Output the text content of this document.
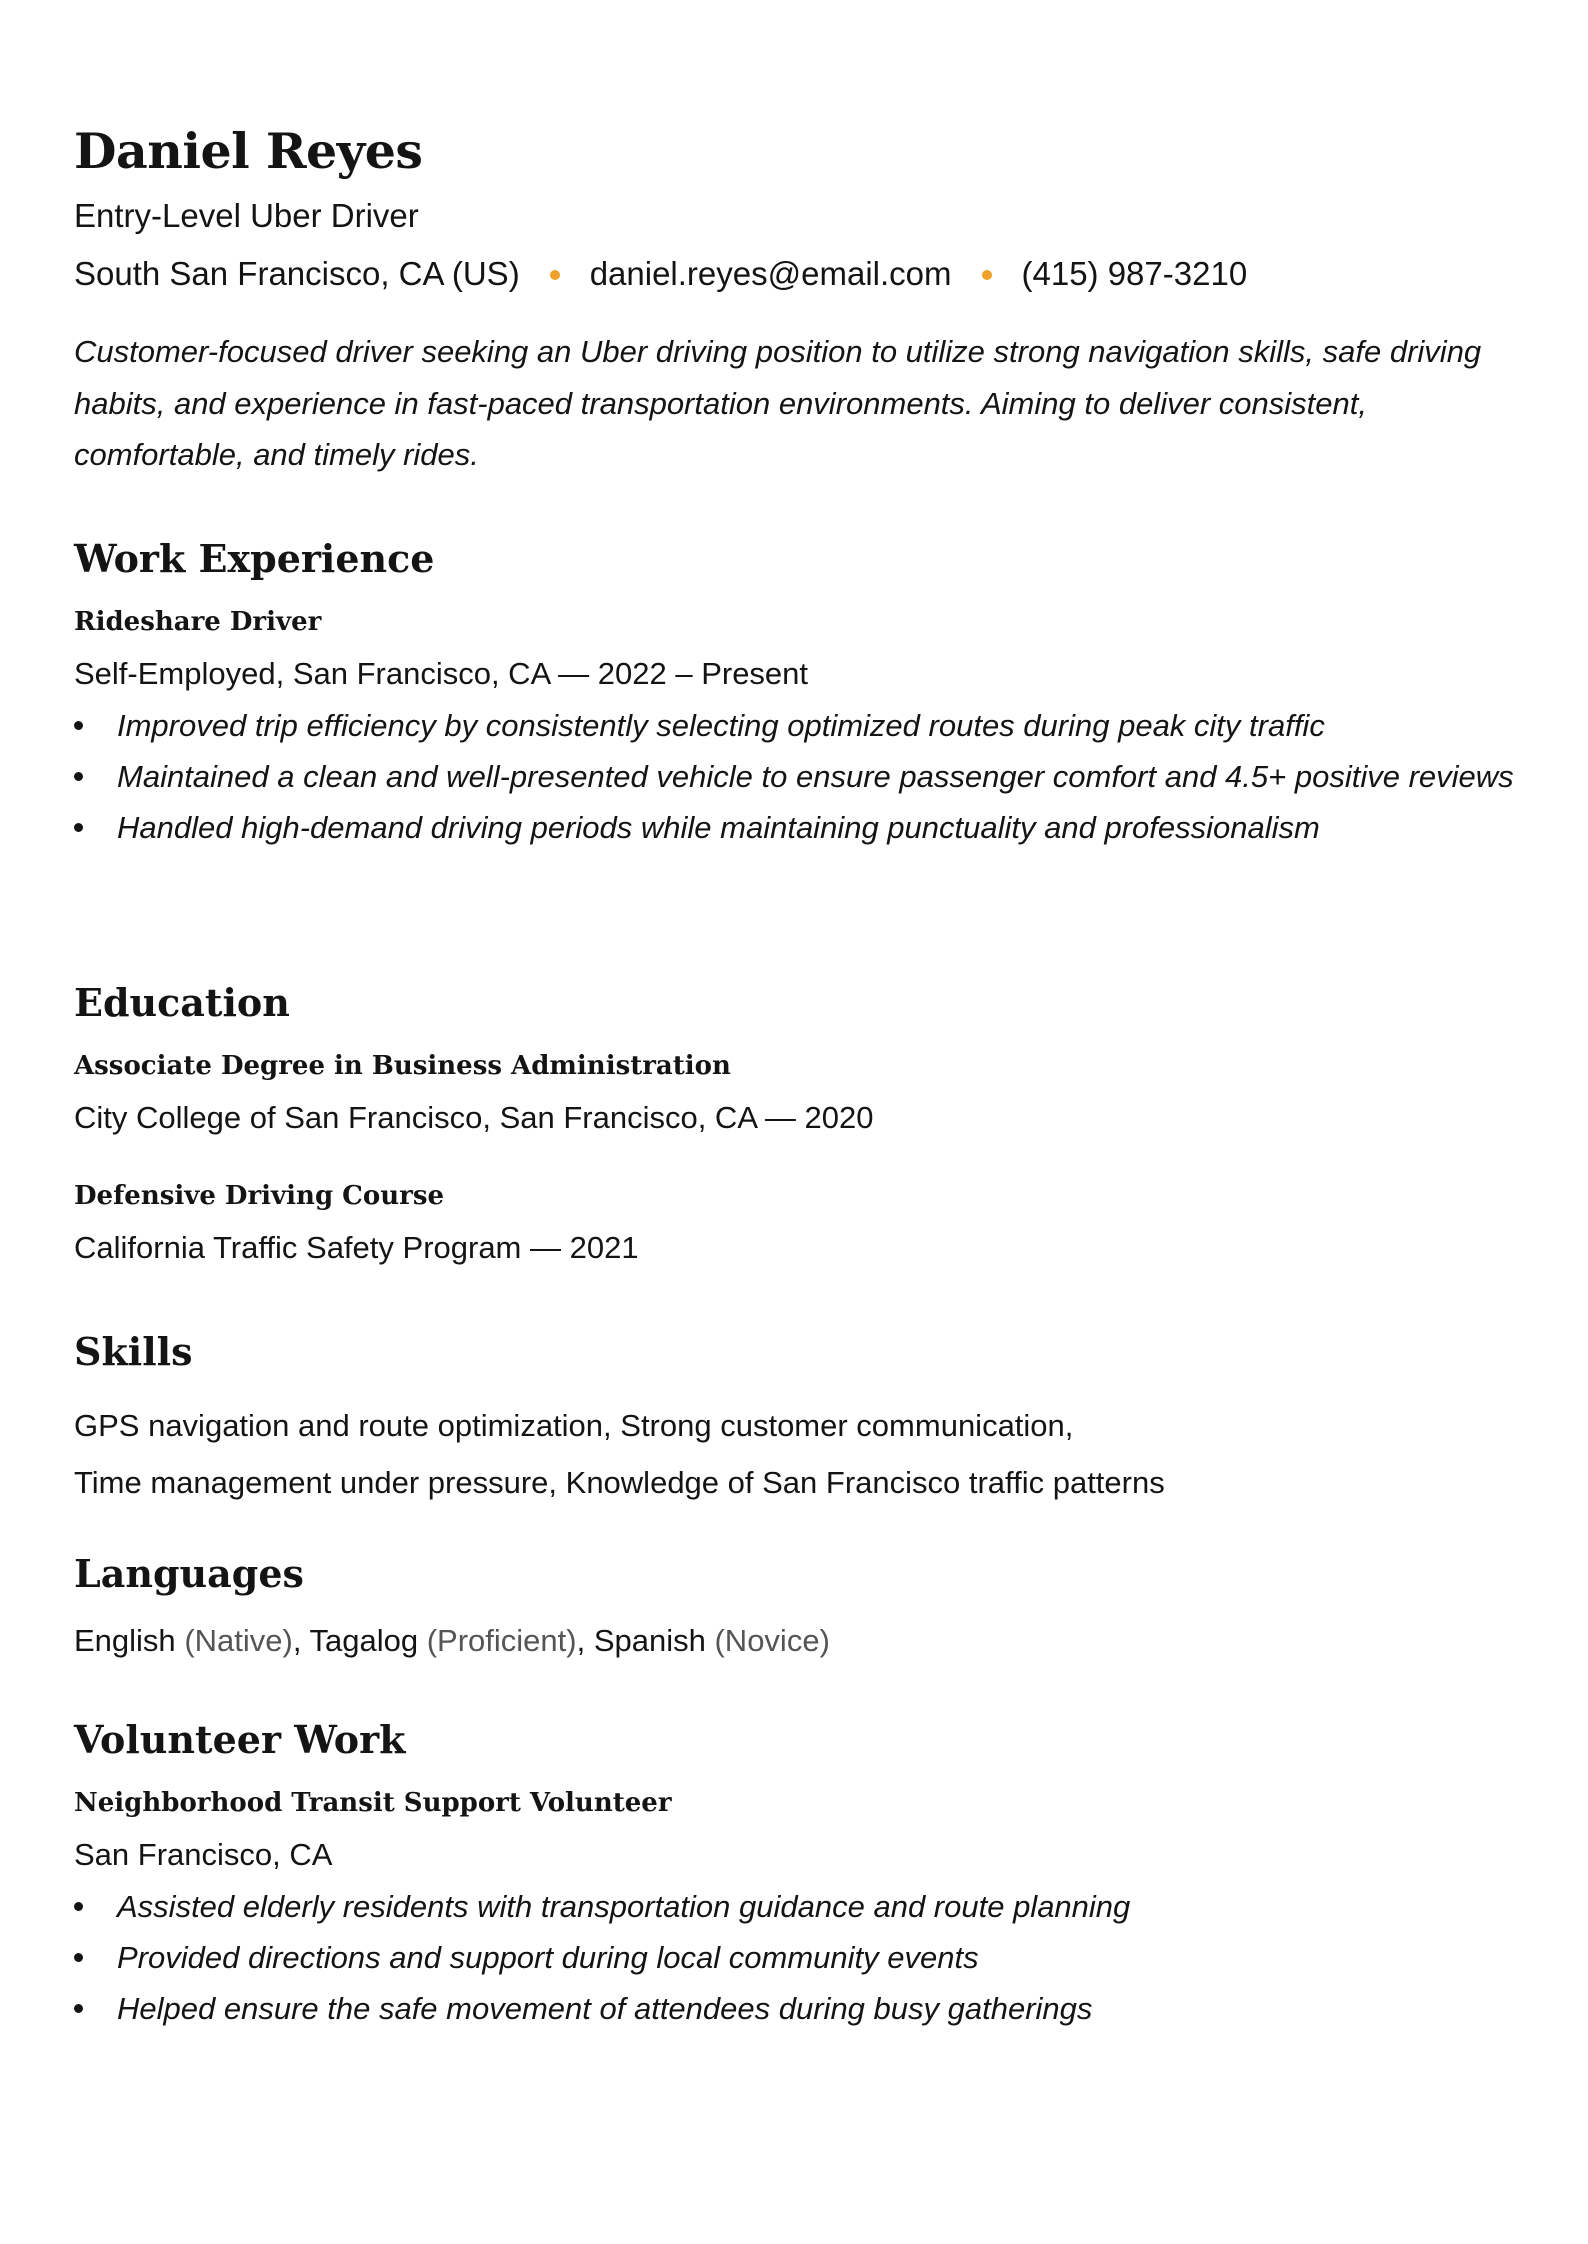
Daniel Reyes
Entry-Level Uber Driver
South San Francisco, CA (US) daniel.reyes@email.com (415) 987-3210
Customer-focused driver seeking an Uber driving position to utilize strong navigation skills, safe driving habits, and experience in fast-paced transportation environments. Aiming to deliver consistent, comfortable, and timely rides.
Work Experience
Rideshare Driver
Self-Employed, San Francisco, CA — 2022 – Present
Improved trip efficiency by consistently selecting optimized routes during peak city traffic
Maintained a clean and well-presented vehicle to ensure passenger comfort and 4.5+ positive reviews
Handled high-demand driving periods while maintaining punctuality and professionalism
Education
Associate Degree in Business Administration
City College of San Francisco, San Francisco, CA — 2020
Defensive Driving Course
California Traffic Safety Program — 2021
Skills
GPS navigation and route optimization, Strong customer communication,
Time management under pressure, Knowledge of San Francisco traffic patterns
Languages
English (Native), Tagalog (Proficient), Spanish (Novice)
Volunteer Work
Neighborhood Transit Support Volunteer
San Francisco, CA
Assisted elderly residents with transportation guidance and route planning
Provided directions and support during local community events
Helped ensure the safe movement of attendees during busy gatherings
